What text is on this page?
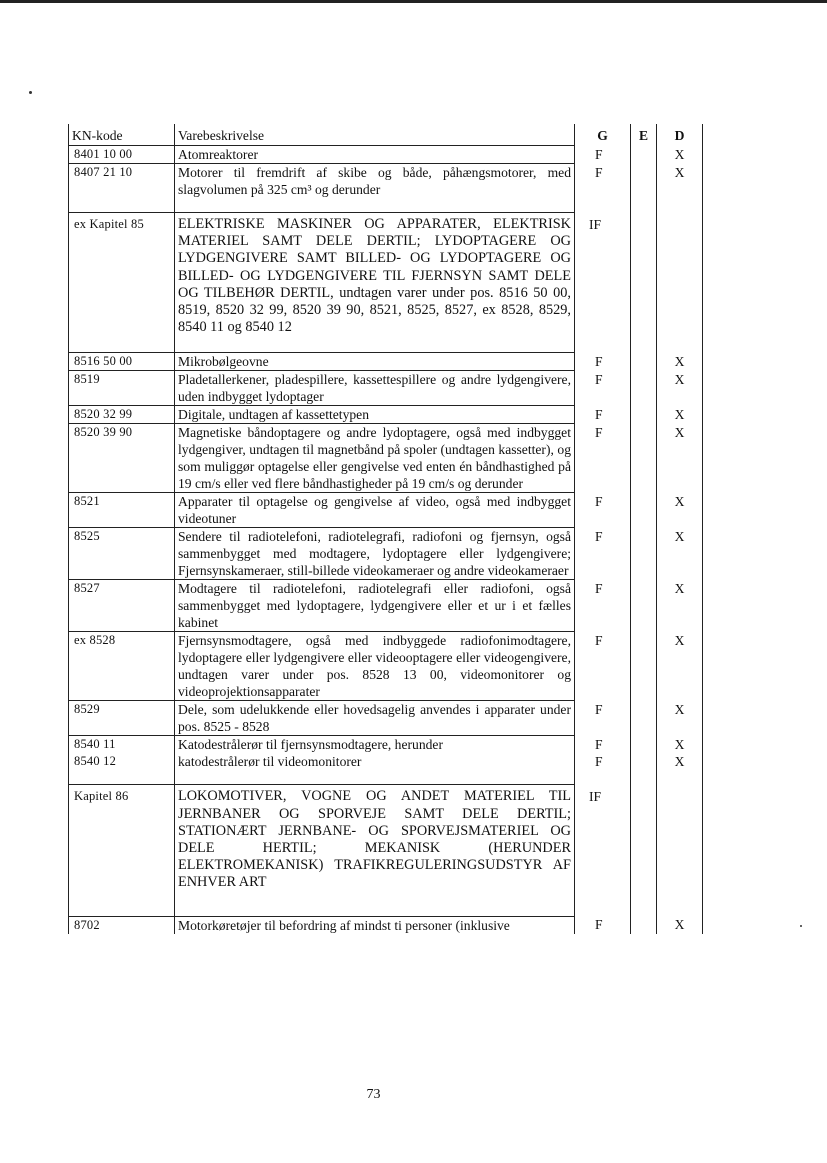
KN-kode	Varebeskrivelse	G	E	D
8401 10 00	Atomreaktorer	F		X
8407 21 10	Motorer til fremdrift af skibe og både, påhængsmotorer, med slagvolumen på 325 cm³ og derunder	F		X

ex Kapitel 85	ELEKTRISKE MASKINER OG APPARATER, ELEKTRISK MATERIEL SAMT DELE DERTIL; LYDOPTAGERE OG LYDGENGIVERE SAMT BILLED- OG LYDOPTAGERE OG BILLED- OG LYDGENGIVERE TIL FJERNSYN SAMT DELE OG TILBEHØR DERTIL, undtagen varer under pos. 8516 50 00, 8519, 8520 32 99, 8520 39 90, 8521, 8525, 8527, ex 8528, 8529, 8540 11 og 8540 12	IF		

8516 50 00	Mikrobølgeovne	F		X
8519	Pladetallerkener, pladespillere, kassettespillere og andre lydgengivere, uden indbygget lydoptager	F		X
8520 32 99	Digitale, undtagen af kassettetypen	F		X
8520 39 90	Magnetiske båndoptagere og andre lydoptagere, også med indbygget lydgengiver, undtagen til magnetbånd på spoler (undtagen kassetter), og som muliggør optagelse eller gengivelse ved enten én båndhastighed på 19 cm/s eller ved flere båndhastigheder på 19 cm/s og derunder	F		X
8521	Apparater til optagelse og gengivelse af video, også med indbygget videotuner	F		X
8525	Sendere til radiotelefoni, radiotelegrafi, radiofoni og fjernsyn, også sammenbygget med modtagere, lydoptagere eller lydgengivere; Fjernsynskameraer, still-billede videokameraer og andre videokameraer	F		X
8527	Modtagere til radiotelefoni, radiotelegrafi eller radiofoni, også sammenbygget med lydoptagere, lydgengivere eller et ur i et fælles kabinet	F		X
ex 8528	Fjernsynsmodtagere, også med indbyggede radiofonimodtagere, lydoptagere eller lydgengivere eller videooptagere eller videogengivere, undtagen varer under pos. 8528 13 00, videomonitorer og videoprojektionsapparater	F		X
8529	Dele, som udelukkende eller hovedsagelig anvendes i apparater under pos. 8525 - 8528	F		X
8540 11	Katodestrålerør til fjernsynsmodtagere, herunder	F		X
8540 12	katodestrålerør til videomonitorer	F		X

Kapitel 86	LOKOMOTIVER, VOGNE OG ANDET MATERIEL TIL JERNBANER OG SPORVEJE SAMT DELE DERTIL; STATIONÆRT JERNBANE- OG SPORVEJSMATERIEL OG DELE HERTIL; MEKANISK (HERUNDER ELEKTROMEKANISK) TRAFIKREGULERINGSUDSTYR AF ENHVER ART	IF		

8702	Motorkøretøjer til befordring af mindst ti personer (inklusive	F		X
73
